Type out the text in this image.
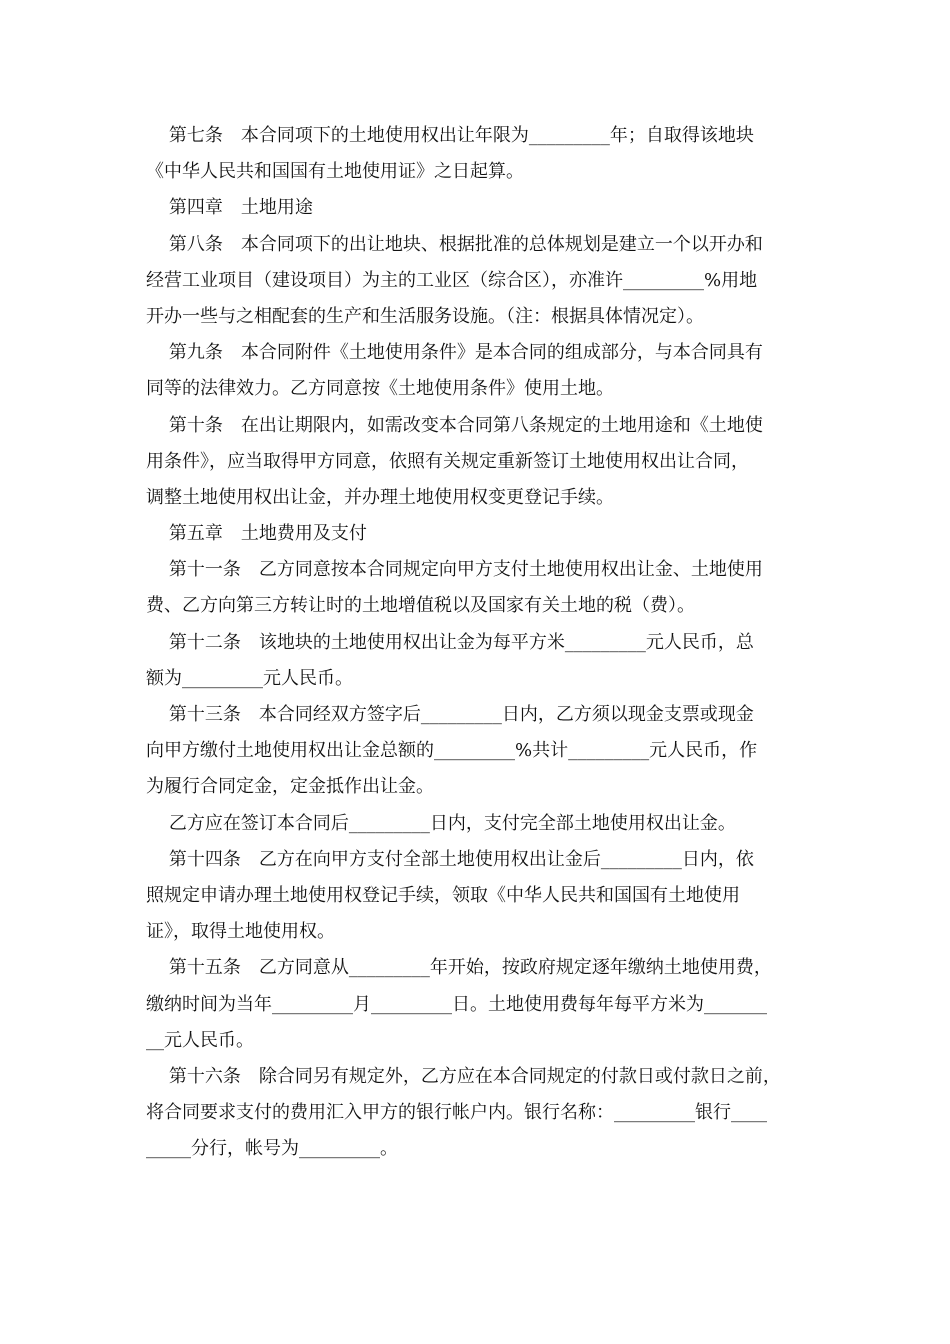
第七条　本合同项下的土地使用权出让年限为_________年；自取得该地块
《中华人民共和国国有土地使用证》之日起算。
第四章　土地用途
第八条　本合同项下的出让地块、根据批准的总体规划是建立一个以开办和
经营工业项目（建设项目）为主的工业区（综合区），亦准许_________%用地
开办一些与之相配套的生产和生活服务设施。（注：根据具体情况定）。
第九条　本合同附件《土地使用条件》是本合同的组成部分，与本合同具有
同等的法律效力。乙方同意按《土地使用条件》使用土地。
第十条　在出让期限内，如需改变本合同第八条规定的土地用途和《土地使
用条件》，应当取得甲方同意，依照有关规定重新签订土地使用权出让合同，
调整土地使用权出让金，并办理土地使用权变更登记手续。
第五章　土地费用及支付
第十一条　乙方同意按本合同规定向甲方支付土地使用权出让金、土地使用
费、乙方向第三方转让时的土地增值税以及国家有关土地的税（费）。
第十二条　该地块的土地使用权出让金为每平方米_________元人民币，总
额为_________元人民币。
第十三条　本合同经双方签字后_________日内，乙方须以现金支票或现金
向甲方缴付土地使用权出让金总额的_________%共计_________元人民币，作
为履行合同定金，定金抵作出让金。
乙方应在签订本合同后_________日内，支付完全部土地使用权出让金。
第十四条　乙方在向甲方支付全部土地使用权出让金后_________日内，依
照规定申请办理土地使用权登记手续，领取《中华人民共和国国有土地使用
证》，取得土地使用权。
第十五条　乙方同意从_________年开始，按政府规定逐年缴纳土地使用费，
缴纳时间为当年_________月_________日。土地使用费每年每平方米为_______
__元人民币。
第十六条　除合同另有规定外，乙方应在本合同规定的付款日或付款日之前，
将合同要求支付的费用汇入甲方的银行帐户内。银行名称：_________银行____
_____分行，帐号为_________。
